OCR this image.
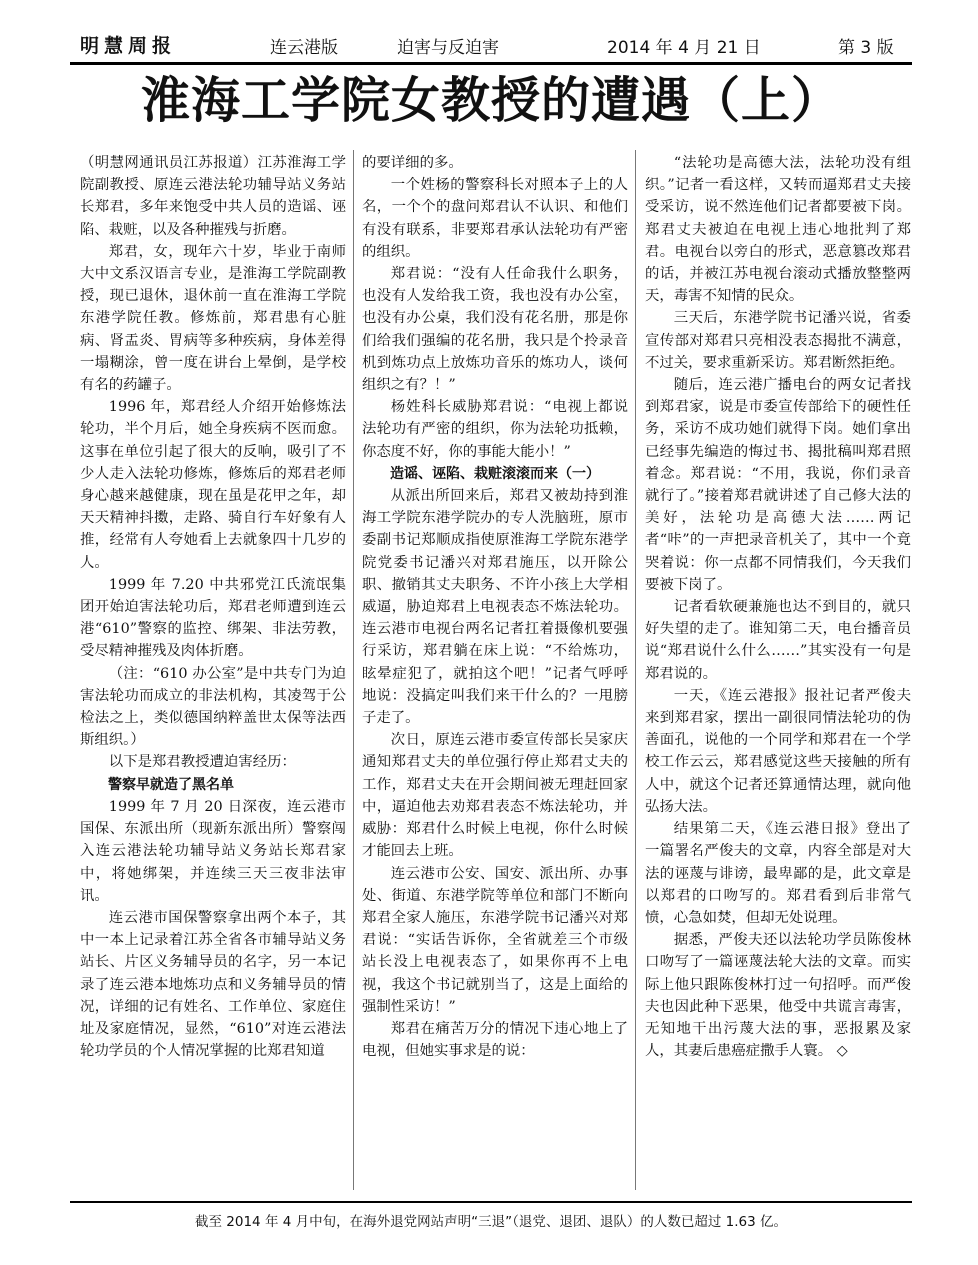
明慧周报	连云港版	迫害与反迫害	2014 年 4 月 21 日	第 3 版
淮海工学院女教授的遭遇（上）

（明慧网通讯员江苏报道）江苏淮海工学院副教授、原连云港法轮功辅导站义务站长郑君，多年来饱受中共人员的造谣、诬陷、栽赃，以及各种摧残与折磨。

郑君，女，现年六十岁，毕业于南师大中文系汉语言专业，是淮海工学院副教授，现已退休，退休前一直在淮海工学院东港学院任教。修炼前，郑君患有心脏病、肾盂炎、胃病等多种疾病，身体差得一塌糊涂，曾一度在讲台上晕倒，是学校有名的药罐子。

1996 年，郑君经人介绍开始修炼法轮功，半个月后，她全身疾病不医而愈。这事在单位引起了很大的反响，吸引了不少人走入法轮功修炼，修炼后的郑君老师身心越来越健康，现在虽是花甲之年，却天天精神抖擞，走路、骑自行车好象有人推，经常有人夸她看上去就象四十几岁的人。

1999 年 7.20 中共邪党江氏流氓集团开始迫害法轮功后，郑君老师遭到连云港“610”警察的监控、绑架、非法劳教，受尽精神摧残及肉体折磨。

（注：“610 办公室”是中共专门为迫害法轮功而成立的非法机构，其凌驾于公检法之上，类似德国纳粹盖世太保等法西斯组织。）

以下是郑君教授遭迫害经历：

警察早就造了黑名单

1999 年 7 月 20 日深夜，连云港市国保、东派出所（现新东派出所）警察闯入连云港法轮功辅导站义务站长郑君家中，将她绑架，并连续三天三夜非法审讯。

连云港市国保警察拿出两个本子，其中一本上记录着江苏全省各市辅导站义务站长、片区义务辅导员的名字，另一本记录了连云港本地炼功点和义务辅导员的情况，详细的记有姓名、工作单位、家庭住址及家庭情况，显然，“610”对连云港法轮功学员的个人情况掌握的比郑君知道

的要详细的多。

一个姓杨的警察科长对照本子上的人名，一个个的盘问郑君认不认识、和他们有没有联系，非要郑君承认法轮功有严密的组织。

郑君说：“没有人任命我什么职务，也没有人发给我工资，我也没有办公室，也没有办公桌，我们没有花名册，那是你们给我们强编的花名册，我只是个拎录音机到炼功点上放炼功音乐的炼功人，谈何组织之有？！”

杨姓科长威胁郑君说：“电视上都说法轮功有严密的组织，你为法轮功抵赖，你态度不好，你的事能大能小！”

造谣、诬陷、栽赃滚滚而来（一）

从派出所回来后，郑君又被劫持到淮海工学院东港学院办的专人洗脑班，原市委副书记郑顺成指使原淮海工学院东港学院党委书记潘兴对郑君施压，以开除公职、撤销其丈夫职务、不许小孩上大学相威逼，胁迫郑君上电视表态不炼法轮功。连云港市电视台两名记者扛着摄像机要强行采访，郑君躺在床上说：“不给炼功，眩晕症犯了，就拍这个吧！”记者气呼呼地说：没搞定叫我们来干什么的？一甩膀子走了。

次日，原连云港市委宣传部长吴家庆通知郑君丈夫的单位强行停止郑君丈夫的工作，郑君丈夫在开会期间被无理赶回家中，逼迫他去劝郑君表态不炼法轮功，并威胁：郑君什么时候上电视，你什么时候才能回去上班。

连云港市公安、国安、派出所、办事处、街道、东港学院等单位和部门不断向郑君全家人施压，东港学院书记潘兴对郑君说：“实话告诉你，全省就差三个市级站长没上电视表态了，如果你再不上电视，我这个书记就别当了，这是上面给的强制性采访！”

郑君在痛苦万分的情况下违心地上了电视，但她实事求是的说：

“法轮功是高德大法，法轮功没有组织。”记者一看这样，又转而逼郑君丈夫接受采访，说不然连他们记者都要被下岗。郑君丈夫被迫在电视上违心地批判了郑君。电视台以旁白的形式，恶意篡改郑君的话，并被江苏电视台滚动式播放整整两天，毒害不知情的民众。

三天后，东港学院书记潘兴说，省委宣传部对郑君只亮相没表态揭批不满意，不过关，要求重新采访。郑君断然拒绝。

随后，连云港广播电台的两女记者找到郑君家，说是市委宣传部给下的硬性任务，采访不成功她们就得下岗。她们拿出已经事先编造的悔过书、揭批稿叫郑君照着念。郑君说：“不用，我说，你们录音就行了。”接着郑君就讲述了自己修大法的美好，法轮功是高德大法……两记者“咔”的一声把录音机关了，其中一个竟哭着说：你一点都不同情我们，今天我们要被下岗了。

记者看软硬兼施也达不到目的，就只好失望的走了。谁知第二天，电台播音员说“郑君说什么什么……”其实没有一句是郑君说的。

一天，《连云港报》报社记者严俊夫来到郑君家，摆出一副很同情法轮功的伪善面孔，说他的一个同学和郑君在一个学校工作云云，郑君感觉这些天接触的所有人中，就这个记者还算通情达理，就向他弘扬大法。

结果第二天，《连云港日报》登出了一篇署名严俊夫的文章，内容全部是对大法的诬蔑与诽谤，最卑鄙的是，此文章是以郑君的口吻写的。郑君看到后非常气愤，心急如焚，但却无处说理。

据悉，严俊夫还以法轮功学员陈俊林口吻写了一篇诬蔑法轮大法的文章。而实际上他只跟陈俊林打过一句招呼。而严俊夫也因此种下恶果，他受中共谎言毒害，无知地干出污蔑大法的事，恶报累及家人，其妻后患癌症撒手人寰。 ◇

截至 2014 年 4 月中旬，在海外退党网站声明“三退”（退党、退团、退队）的人数已超过 1.63 亿。
